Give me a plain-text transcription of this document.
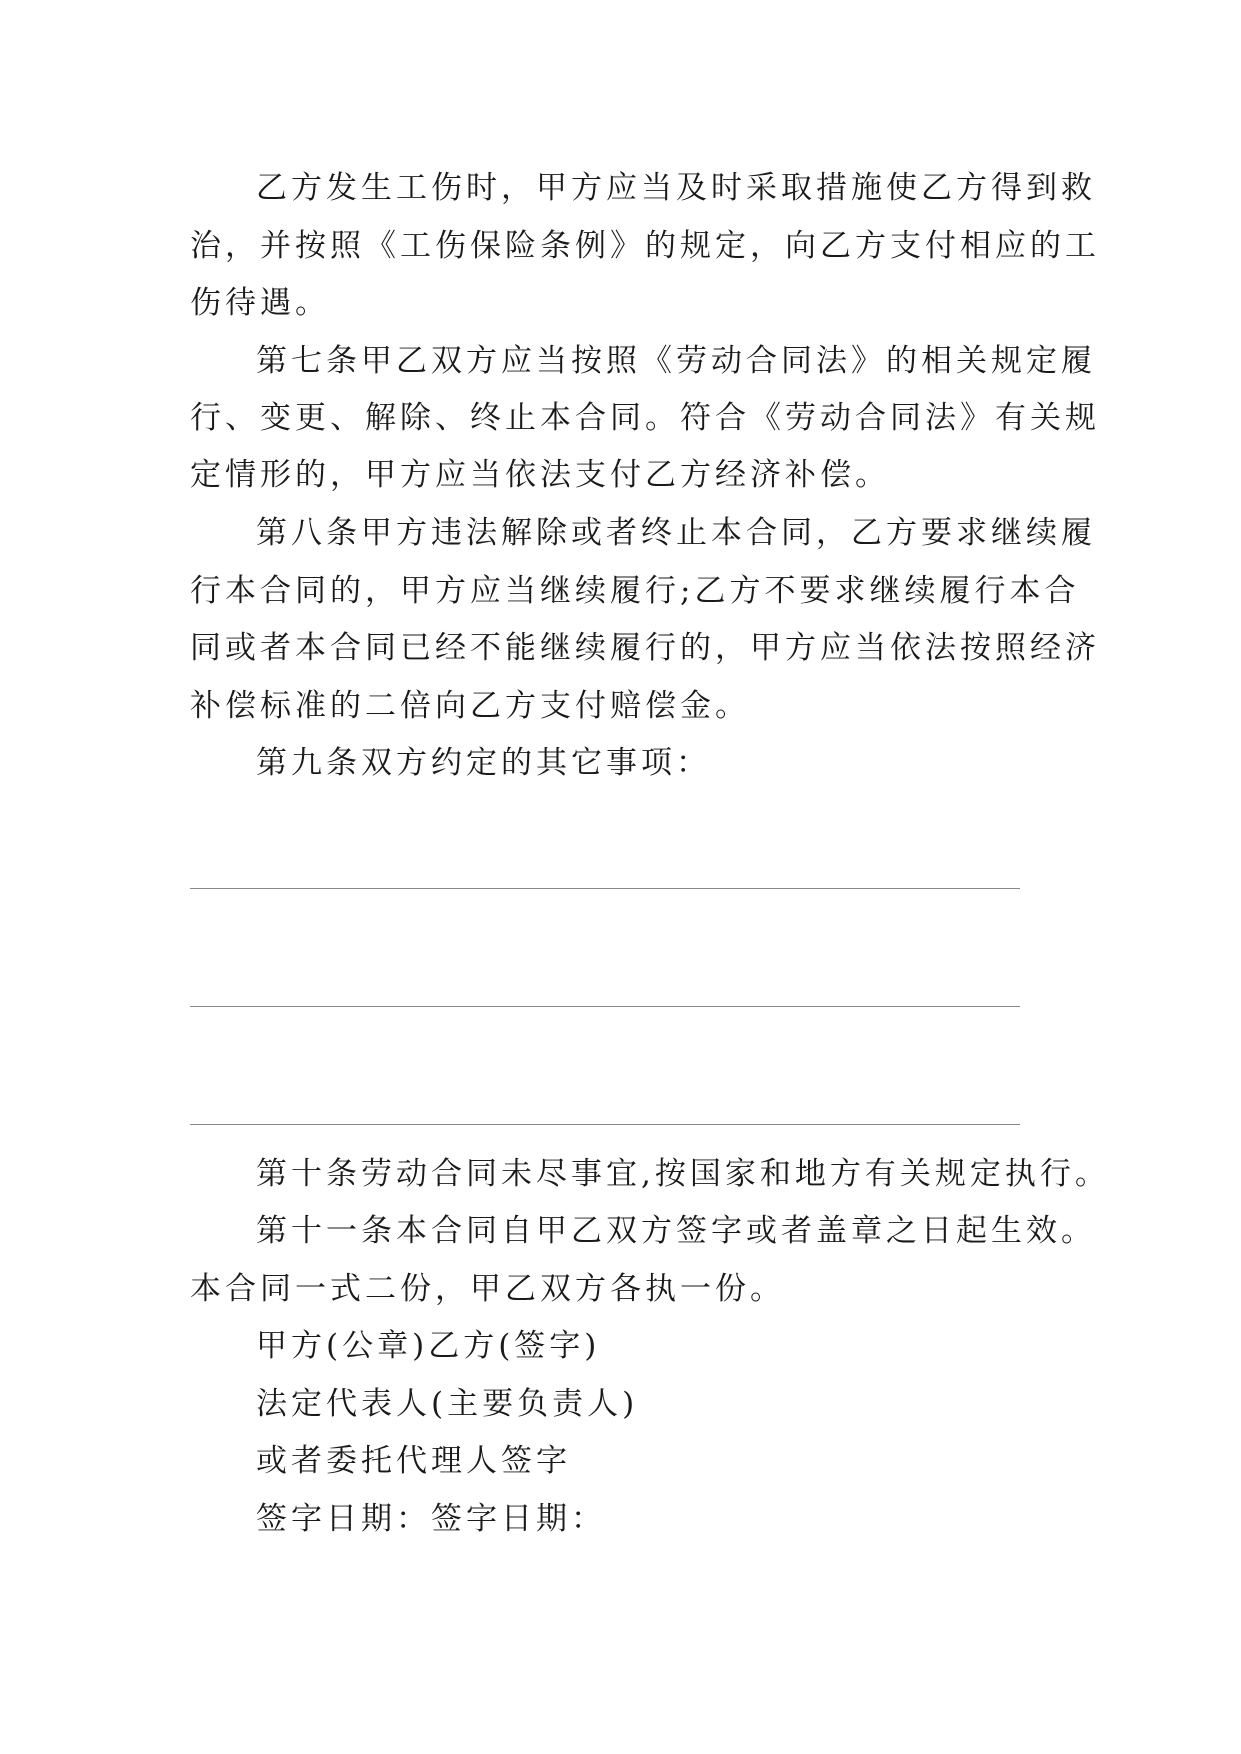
乙方发生工伤时，甲方应当及时采取措施使乙方得到救
治，并按照《工伤保险条例》的规定，向乙方支付相应的工
伤待遇。
第七条甲乙双方应当按照《劳动合同法》的相关规定履
行、变更、解除、终止本合同。符合《劳动合同法》有关规
定情形的，甲方应当依法支付乙方经济补偿。
第八条甲方违法解除或者终止本合同，乙方要求继续履
行本合同的，甲方应当继续履行;乙方不要求继续履行本合
同或者本合同已经不能继续履行的，甲方应当依法按照经济
补偿标准的二倍向乙方支付赔偿金。
第九条双方约定的其它事项：
第十条劳动合同未尽事宜,按国家和地方有关规定执行。
第十一条本合同自甲乙双方签字或者盖章之日起生效。
本合同一式二份，甲乙双方各执一份。
甲方(公章)乙方(签字)
法定代表人(主要负责人)
或者委托代理人签字
签字日期：签字日期：
